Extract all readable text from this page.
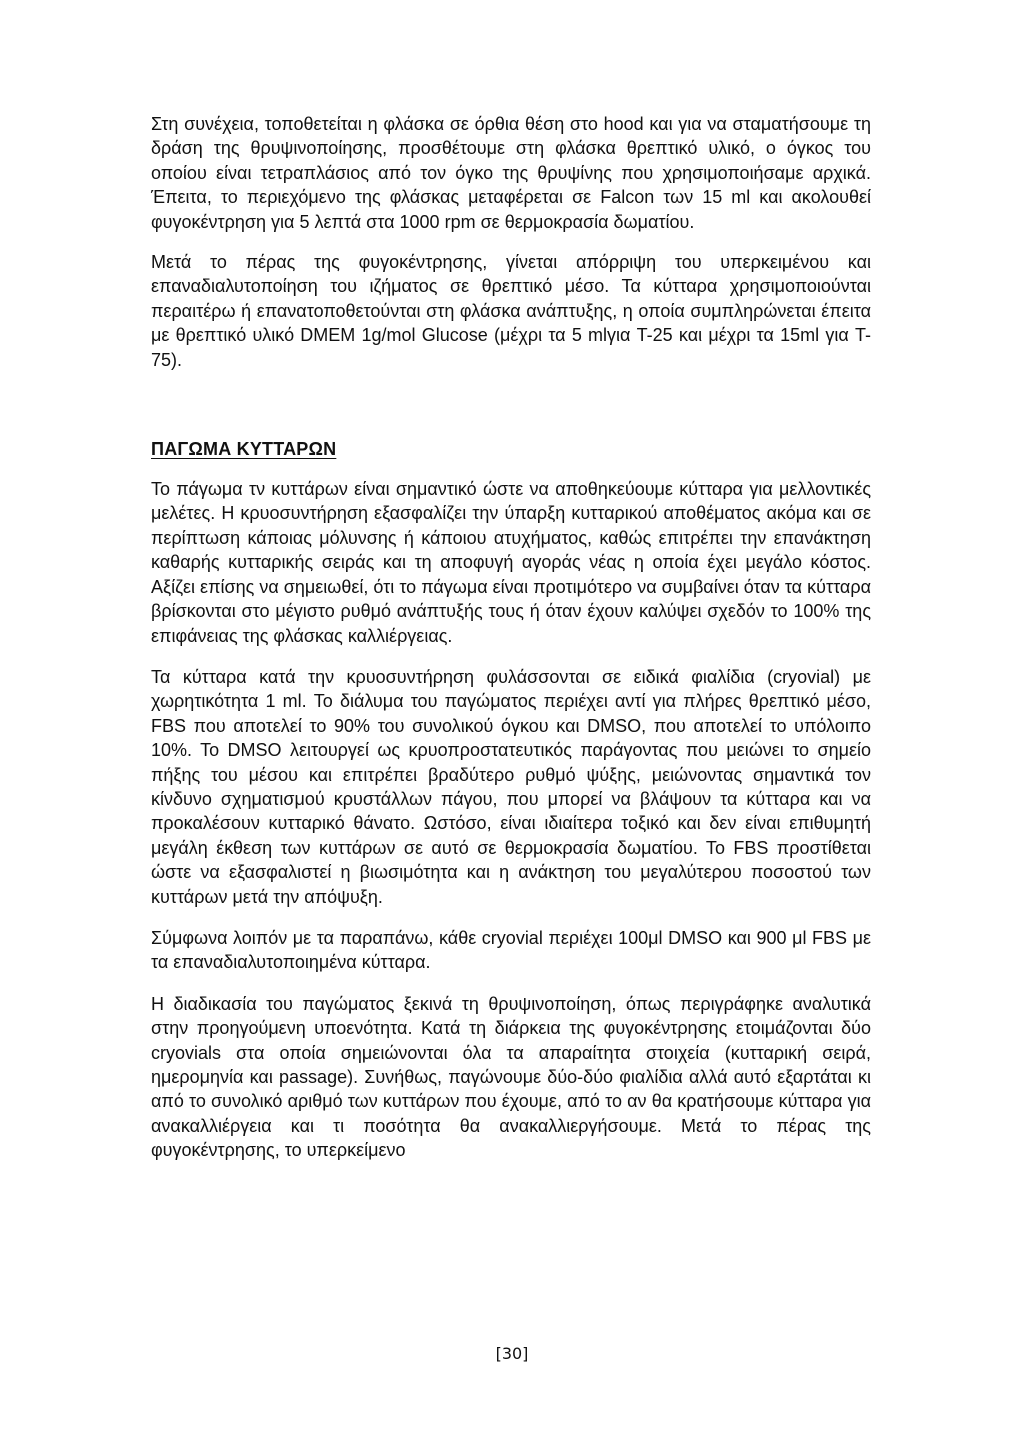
Στη συνέχεια, τοποθετείται η φλάσκα σε όρθια θέση στο hood και για να σταματήσουμε τη δράση της θρυψινοποίησης, προσθέτουμε στη φλάσκα θρεπτικό υλικό, ο όγκος του οποίου είναι τετραπλάσιος από τον όγκο της θρυψίνης που χρησιμοποιήσαμε αρχικά. Έπειτα, το περιεχόμενο της φλάσκας μεταφέρεται σε Falcon των 15 ml και ακολουθεί φυγοκέντρηση για 5 λεπτά στα 1000 rpm σε θερμοκρασία δωματίου.

Μετά το πέρας της φυγοκέντρησης, γίνεται απόρριψη του υπερκειμένου και επαναδιαλυτοποίηση του ιζήματος σε θρεπτικό μέσο. Τα κύτταρα χρησιμοποιούνται περαιτέρω ή επανατοποθετούνται στη φλάσκα ανάπτυξης, η οποία συμπληρώνεται έπειτα με θρεπτικό υλικό DMEM 1g/mol Glucose (μέχρι τα 5 mlγια T-25 και μέχρι τα 15ml για T-75).

ΠΑΓΩΜΑ ΚΥΤΤΑΡΩΝ

Το πάγωμα τν κυττάρων είναι σημαντικό ώστε να αποθηκεύουμε κύτταρα για μελλοντικές μελέτες. Η κρυοσυντήρηση εξασφαλίζει την ύπαρξη κυτταρικού αποθέματος ακόμα και σε περίπτωση κάποιας μόλυνσης ή κάποιου ατυχήματος, καθώς επιτρέπει την επανάκτηση καθαρής κυτταρικής σειράς και τη αποφυγή αγοράς νέας η οποία έχει μεγάλο κόστος. Αξίζει επίσης να σημειωθεί, ότι το πάγωμα είναι προτιμότερο να συμβαίνει όταν τα κύτταρα βρίσκονται στο μέγιστο ρυθμό ανάπτυξής τους ή όταν έχουν καλύψει σχεδόν το 100% της επιφάνειας της φλάσκας καλλιέργειας.

Τα κύτταρα κατά την κρυοσυντήρηση φυλάσσονται σε ειδικά φιαλίδια (cryovial) με χωρητικότητα 1 ml. Το διάλυμα του παγώματος περιέχει αντί για πλήρες θρεπτικό μέσο, FBS που αποτελεί το 90% του συνολικού όγκου και DMSO, που αποτελεί το υπόλοιπο 10%. Το DMSO λειτουργεί ως κρυοπροστατευτικός παράγοντας που μειώνει το σημείο πήξης του μέσου και επιτρέπει βραδύτερο ρυθμό ψύξης, μειώνοντας σημαντικά τον κίνδυνο σχηματισμού κρυστάλλων πάγου, που μπορεί να βλάψουν τα κύτταρα και να προκαλέσουν κυτταρικό θάνατο. Ωστόσο, είναι ιδιαίτερα τοξικό και δεν είναι επιθυμητή μεγάλη έκθεση των κυττάρων σε αυτό σε θερμοκρασία δωματίου. Το FBS προστίθεται ώστε να εξασφαλιστεί η βιωσιμότητα και η ανάκτηση του μεγαλύτερου ποσοστού των κυττάρων μετά την απόψυξη.

Σύμφωνα λοιπόν με τα παραπάνω, κάθε cryovial περιέχει 100μl DMSO και 900 μl FBS με τα επαναδιαλυτοποιημένα κύτταρα.

Η διαδικασία του παγώματος ξεκινά τη θρυψινοποίηση, όπως περιγράφηκε αναλυτικά στην προηγούμενη υποενότητα. Κατά τη διάρκεια της φυγοκέντρησης ετοιμάζονται δύο cryovials στα οποία σημειώνονται όλα τα απαραίτητα στοιχεία (κυτταρική σειρά, ημερομηνία και passage). Συνήθως, παγώνουμε δύο-δύο φιαλίδια αλλά αυτό εξαρτάται κι από το συνολικό αριθμό των κυττάρων που έχουμε, από το αν θα κρατήσουμε κύτταρα για ανακαλλιέργεια και τι ποσότητα θα ανακαλλιεργήσουμε. Μετά το πέρας της φυγοκέντρησης, το υπερκείμενο

[30]
